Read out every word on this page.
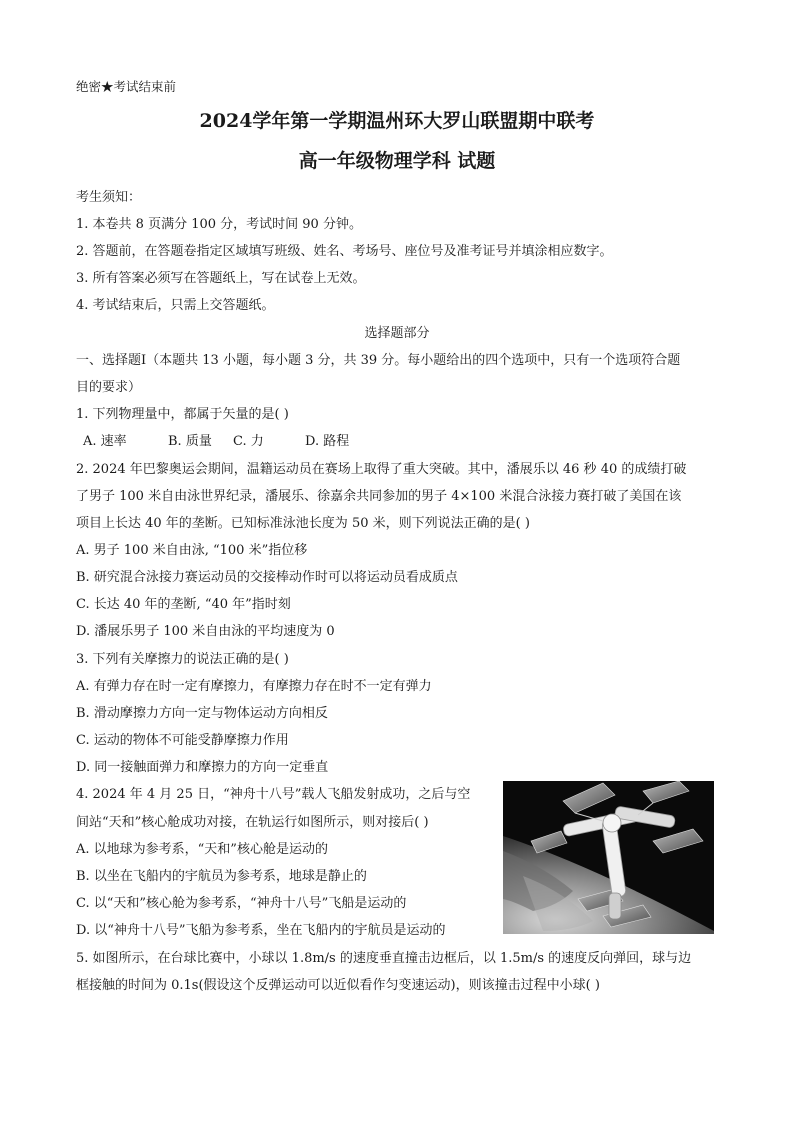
绝密★考试结束前
2024学年第一学期温州环大罗山联盟期中联考
高一年级物理学科 试题
考生须知：
1. 本卷共 8 页满分 100 分，考试时间 90 分钟。
2. 答题前，在答题卷指定区域填写班级、姓名、考场号、座位号及准考证号并填涂相应数字。
3. 所有答案必须写在答题纸上，写在试卷上无效。
4. 考试结束后，只需上交答题纸。
选择题部分
一、选择题Ⅰ（本题共 13 小题，每小题 3 分，共 39 分。每小题给出的四个选项中，只有一个选项符合题
目的要求）
1. 下列物理量中，都属于矢量的是( )
A. 速率	B. 质量 C. 力	D. 路程
2. 2024 年巴黎奥运会期间，温籍运动员在赛场上取得了重大突破。其中，潘展乐以 46 秒 40 的成绩打破
了男子 100 米自由泳世界纪录，潘展乐、徐嘉余共同参加的男子 4×100 米混合泳接力赛打破了美国在该
项目上长达 40 年的垄断。已知标准泳池长度为 50 米，则下列说法正确的是( )
A. 男子 100 米自由泳, “100 米”指位移
B. 研究混合泳接力赛运动员的交接棒动作时可以将运动员看成质点
C. 长达 40 年的垄断, “40 年”指时刻
D. 潘展乐男子 100 米自由泳的平均速度为 0
3. 下列有关摩擦力的说法正确的是( )
A. 有弹力存在时一定有摩擦力，有摩擦力存在时不一定有弹力
B. 滑动摩擦力方向一定与物体运动方向相反
C. 运动的物体不可能受静摩擦力作用
D. 同一接触面弹力和摩擦力的方向一定垂直
4. 2024 年 4 月 25 日，“神舟十八号”载人飞船发射成功，之后与空
间站“天和”核心舱成功对接，在轨运行如图所示，则对接后( )
A. 以地球为参考系，“天和”核心舱是运动的
B. 以坐在飞船内的宇航员为参考系，地球是静止的
C. 以“天和”核心舱为参考系，“神舟十八号”飞船是运动的
D. 以“神舟十八号”飞船为参考系，坐在飞船内的宇航员是运动的
5. 如图所示，在台球比赛中，小球以 1.8m/s 的速度垂直撞击边框后，以 1.5m/s 的速度反向弹回，球与边
框接触的时间为 0.1s(假设这个反弹运动可以近似看作匀变速运动)，则该撞击过程中小球( )
